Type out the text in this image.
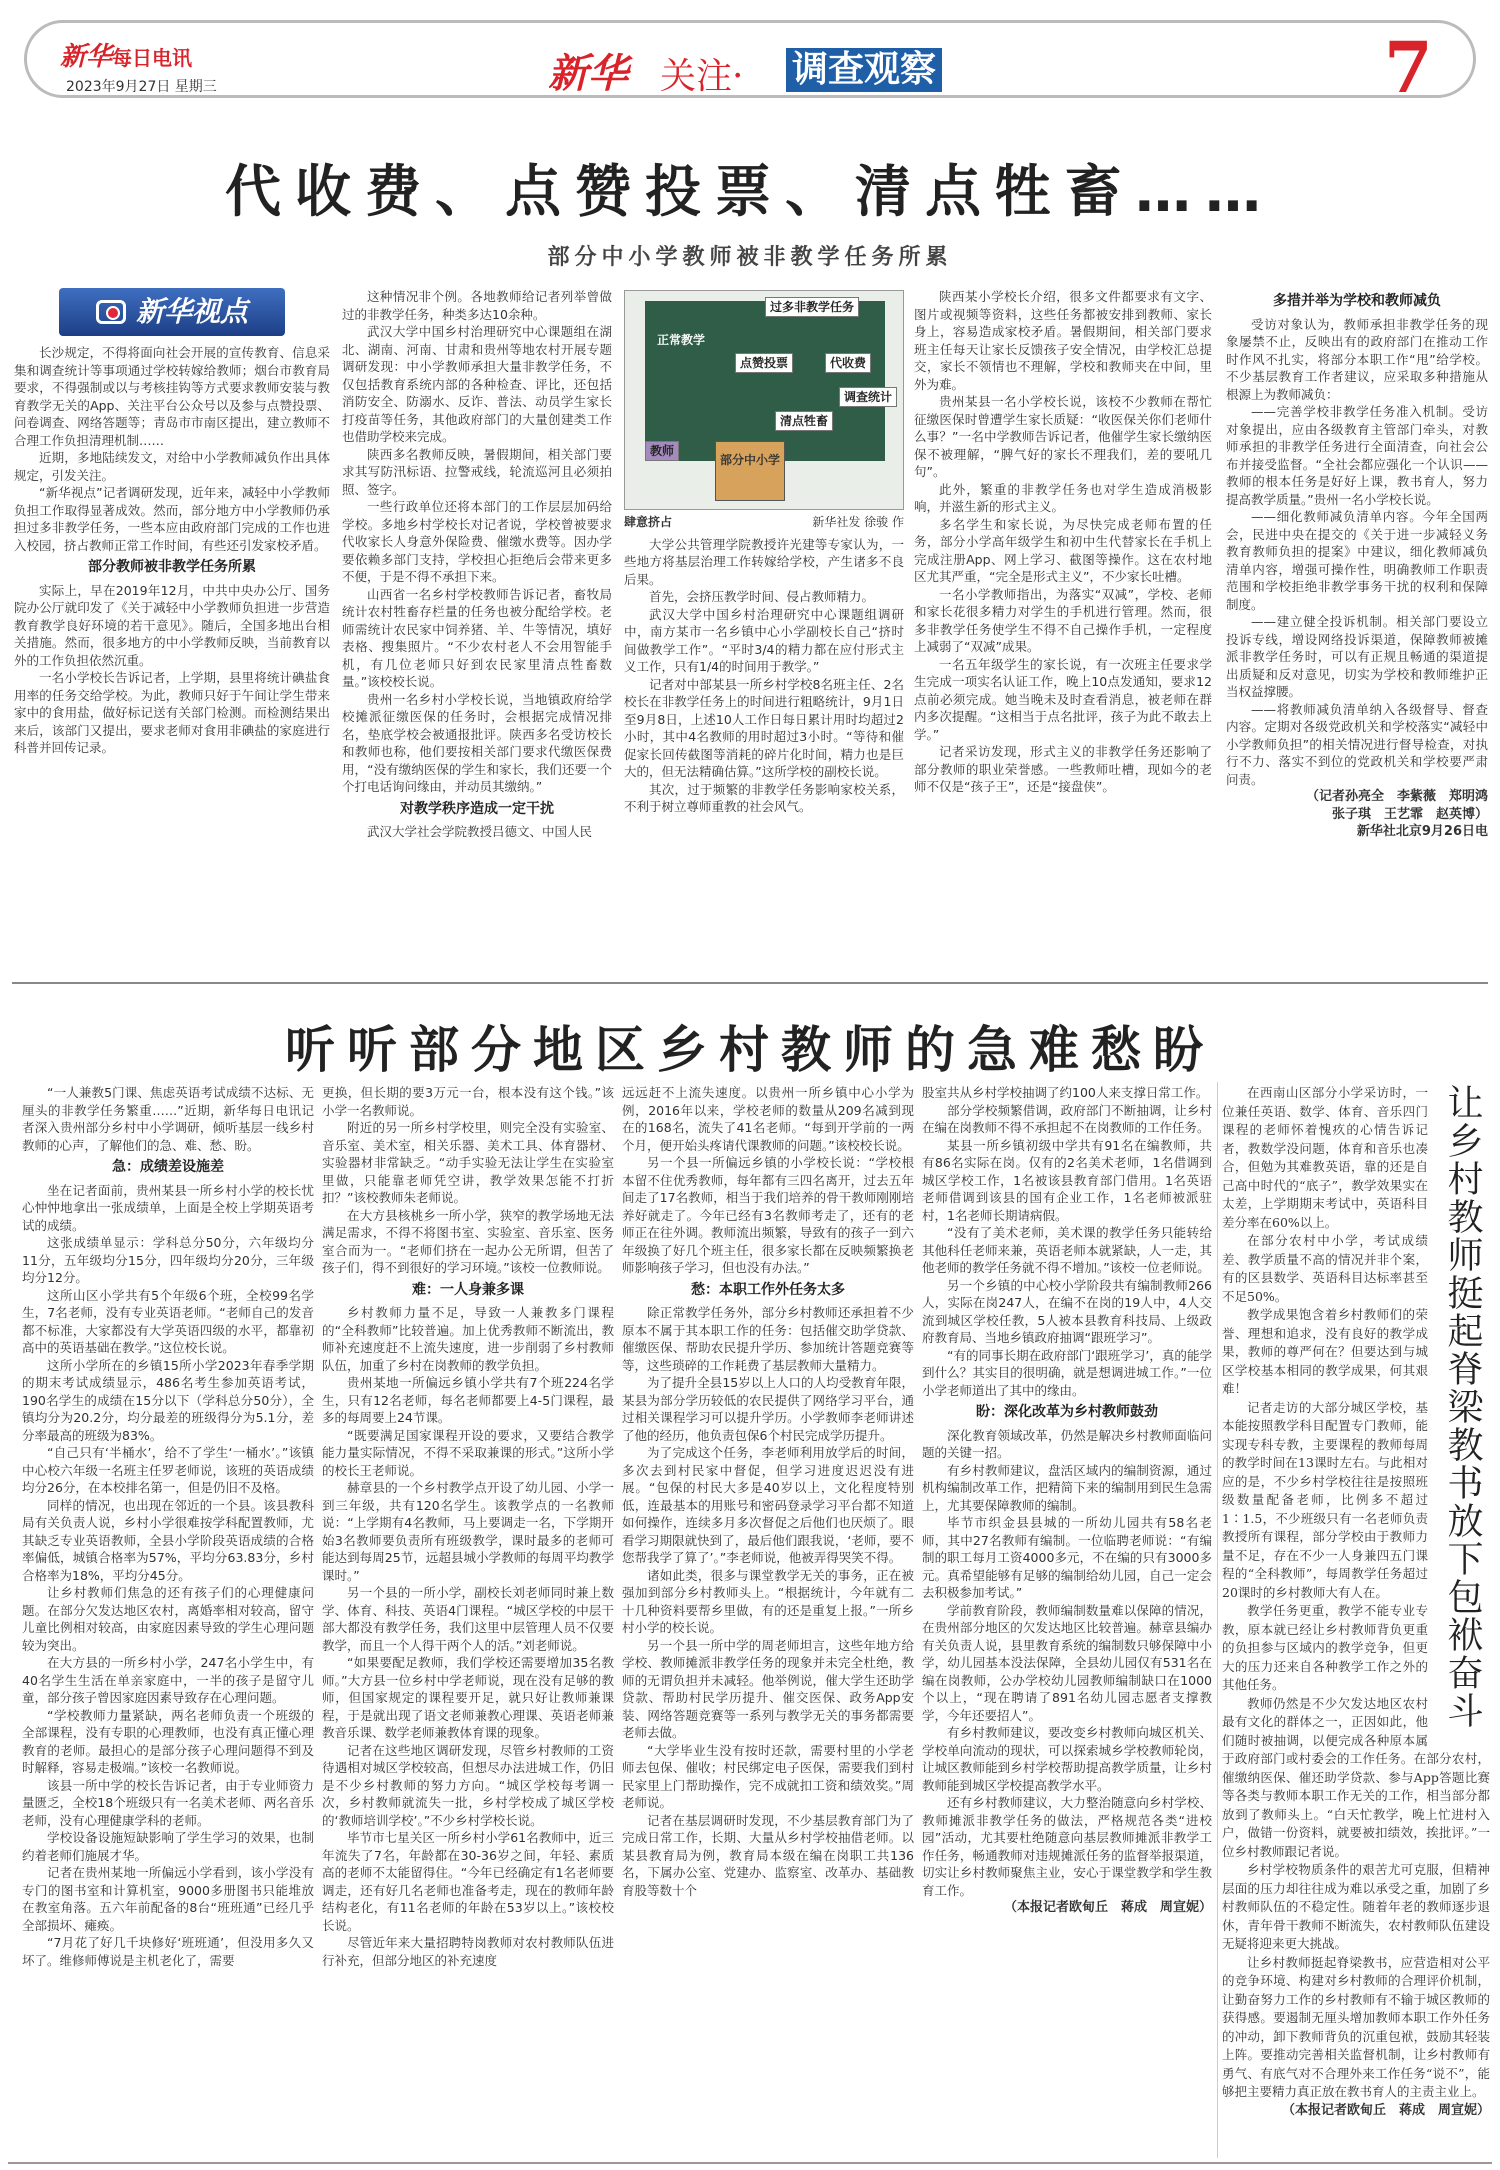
新华每日电讯
2023年9月27日 星期三	新华 关注· 调查观察	7
代收费、点赞投票、清点牲畜……
部分中小学教师被非教学任务所累
新华视点

长沙规定，不得将面向社会开展的宣传教育、信息采集和调查统计等事项通过学校转嫁给教师；烟台市教育局要求，不得强制或以与考核挂钩等方式要求教师安装与教育教学无关的App、关注平台公众号以及参与点赞投票、问卷调查、网络答题等；青岛市市南区提出，建立教师不合理工作负担清理机制……

近期，多地陆续发文，对给中小学教师减负作出具体规定，引发关注。

“新华视点”记者调研发现，近年来，减轻中小学教师负担工作取得显著成效。然而，部分地方中小学教师仍承担过多非教学任务，一些本应由政府部门完成的工作也进入校园，挤占教师正常工作时间，有些还引发家校矛盾。

部分教师被非教学任务所累

实际上，早在2019年12月，中共中央办公厅、国务院办公厅就印发了《关于减轻中小学教师负担进一步营造教育教学良好环境的若干意见》。随后，全国多地出台相关措施。然而，很多地方的中小学教师反映，当前教育以外的工作负担依然沉重。

一名小学校长告诉记者，上学期，县里将统计碘盐食用率的任务交给学校。为此，教师只好于午间让学生带来家中的食用盐，做好标记送有关部门检测。而检测结果出来后，该部门又提出，要求老师对食用非碘盐的家庭进行科普并回传记录。

这种情况非个例。各地教师给记者列举曾做过的非教学任务，种类多达10余种。

武汉大学中国乡村治理研究中心课题组在湖北、湖南、河南、甘肃和贵州等地农村开展专题调研发现：中小学教师承担大量非教学任务，不仅包括教育系统内部的各种检查、评比，还包括消防安全、防溺水、反诈、普法、动员学生家长打疫苗等任务，其他政府部门的大量创建类工作也借助学校来完成。

陕西多名教师反映，暑假期间，相关部门要求其写防汛标语、拉警戒线，轮流巡河且必须拍照、签字。

一些行政单位还将本部门的工作层层加码给学校。多地乡村学校长对记者说，学校曾被要求代收家长人身意外保险费、催缴水费等。因办学要依赖多部门支持，学校担心拒绝后会带来更多不便，于是不得不承担下来。

山西省一名乡村学校教师告诉记者，畜牧局统计农村牲畜存栏量的任务也被分配给学校。老师需统计农民家中饲养猪、羊、牛等情况，填好表格、搜集照片。“不少农村老人不会用智能手机，有几位老师只好到农民家里清点牲畜数量。”该校校长说。

贵州一名乡村小学校长说，当地镇政府给学校摊派征缴医保的任务时，会根据完成情况排名，垫底学校会被通报批评。陕西多名受访校长和教师也称，他们要按相关部门要求代缴医保费用，“没有缴纳医保的学生和家长，我们还要一个个打电话询问缘由，并动员其缴纳。”

对教学秩序造成一定干扰

武汉大学社会学院教授吕德文、中国人民

过多非教学任务
正常教学
点赞投票	代收费
清点牲畜
调查统计
教师
部分中小学
肆意挤占	新华社发 徐骏 作

大学公共管理学院教授许光建等专家认为，一些地方将基层治理工作转嫁给学校，产生诸多不良后果。

首先，会挤压教学时间、侵占教师精力。

武汉大学中国乡村治理研究中心课题组调研中，南方某市一名乡镇中心小学副校长自己“挤时间做教学工作”。“平时3/4的精力都在应付形式主义工作，只有1/4的时间用于教学。”

记者对中部某县一所乡村学校8名班主任、2名校长在非教学任务上的时间进行粗略统计，9月1日至9月8日，上述10人工作日每日累计用时均超过2小时，其中4名教师的用时超过3小时。“等待和催促家长回传截图等消耗的碎片化时间，精力也是巨大的，但无法精确估算。”这所学校的副校长说。

其次，过于频繁的非教学任务影响家校关系，不利于树立尊师重教的社会风气。

陕西某小学校长介绍，很多文件都要求有文字、图片或视频等资料，这些任务都被安排到教师、家长身上，容易造成家校矛盾。暑假期间，相关部门要求班主任每天让家长反馈孩子安全情况，由学校汇总提交，家长不领情也不理解，学校和教师夹在中间，里外为难。

贵州某县一名小学校长说，该校不少教师在帮忙征缴医保时曾遭学生家长质疑：“收医保关你们老师什么事？”一名中学教师告诉记者，他催学生家长缴纳医保不被理解，“脾气好的家长不理我们，差的要吼几句”。

此外，繁重的非教学任务也对学生造成消极影响，并滋生新的形式主义。

多名学生和家长说，为尽快完成老师布置的任务，部分小学高年级学生和初中生代替家长在手机上完成注册App、网上学习、截图等操作。这在农村地区尤其严重，“完全是形式主义”，不少家长吐槽。

一名小学教师指出，为落实“双减”，学校、老师和家长花很多精力对学生的手机进行管理。然而，很多非教学任务使学生不得不自己操作手机，一定程度上减弱了“双减”成果。

一名五年级学生的家长说，有一次班主任要求学生完成一项实名认证工作，晚上10点发通知，要求12点前必须完成。她当晚未及时查看消息，被老师在群内多次提醒。“这相当于点名批评，孩子为此不敢去上学。”

记者采访发现，形式主义的非教学任务还影响了部分教师的职业荣誉感。一些教师吐槽，现如今的老师不仅是“孩子王”，还是“接盘侠”。

多措并举为学校和教师减负

受访对象认为，教师承担非教学任务的现象屡禁不止，反映出有的政府部门在推动工作时作风不扎实，将部分本职工作“甩”给学校。不少基层教育工作者建议，应采取多种措施从根源上为教师减负：

——完善学校非教学任务准入机制。受访对象提出，应由各级教育主管部门牵头，对教师承担的非教学任务进行全面清查，向社会公布并接受监督。“全社会都应强化一个认识——教师的根本任务是好好上课，教书育人，努力提高教学质量。”贵州一名小学校长说。

——细化教师减负清单内容。今年全国两会，民进中央在提交的《关于进一步减轻义务教育教师负担的提案》中建议，细化教师减负清单内容，增强可操作性，明确教师工作职责范围和学校拒绝非教学事务干扰的权利和保障制度。

——建立健全投诉机制。相关部门要设立投诉专线，增设网络投诉渠道，保障教师被摊派非教学任务时，可以有正规且畅通的渠道提出质疑和反对意见，切实为学校和教师维护正当权益撑腰。

——将教师减负清单纳入各级督导、督查内容。定期对各级党政机关和学校落实“减轻中小学教师负担”的相关情况进行督导检查，对执行不力、落实不到位的党政机关和学校要严肃问责。

（记者孙亮全　李紫薇　郑明鸿

张子琪　王艺霏　赵英博）

新华社北京9月26日电

听听部分地区乡村教师的急难愁盼

“一人兼教5门课、焦虑英语考试成绩不达标、无厘头的非教学任务繁重……”近期，新华每日电讯记者深入贵州部分乡村中小学调研，倾听基层一线乡村教师的心声，了解他们的急、难、愁、盼。

急：成绩差设施差

坐在记者面前，贵州某县一所乡村小学的校长忧心忡忡地拿出一张成绩单，上面是全校上学期英语考试的成绩。

这张成绩单显示：学科总分50分，六年级均分11分，五年级均分15分，四年级均分20分，三年级均分12分。

这所山区小学共有5个年级6个班，全校99名学生，7名老师，没有专业英语老师。“老师自己的发音都不标准，大家都没有大学英语四级的水平，都靠初高中的英语基础在教学。”这位校长说。

这所小学所在的乡镇15所小学2023年春季学期的期末考试成绩显示，486名考生参加英语考试，190名学生的成绩在15分以下（学科总分50分），全镇均分为20.2分，均分最差的班级得分为5.1分，差分率最高的班级为83%。

“自己只有‘半桶水’，给不了学生‘一桶水’。”该镇中心校六年级一名班主任罗老师说，该班的英语成绩均分26分，在本校排名第一，但是仍旧不及格。

同样的情况，也出现在邻近的一个县。该县教科局有关负责人说，乡村小学很难按学科配置教师，尤其缺乏专业英语教师，全县小学阶段英语成绩的合格率偏低，城镇合格率为57%，平均分63.83分，乡村合格率为18%，平均分45分。

让乡村教师们焦急的还有孩子们的心理健康问题。在部分欠发达地区农村，离婚率相对较高，留守儿童比例相对较高，由家庭因素导致的学生心理问题较为突出。

在大方县的一所乡村小学，247名小学生中，有40名学生生活在单亲家庭中，一半的孩子是留守儿童，部分孩子曾因家庭因素导致存在心理问题。

“学校教师力量紧缺，两名老师负责一个班级的全部课程，没有专职的心理教师，也没有真正懂心理教育的老师。最担心的是部分孩子心理问题得不到及时解释，容易走极端。”该校一名教师说。

该县一所中学的校长告诉记者，由于专业师资力量匮乏，全校18个班级只有一名美术老师、两名音乐老师，没有心理健康学科的老师。

学校设备设施短缺影响了学生学习的效果，也制约着老师们施展才华。

记者在贵州某地一所偏远小学看到，该小学没有专门的图书室和计算机室，9000多册图书只能堆放在教室角落。五六年前配备的8台“班班通”已经几乎全部损坏、瘫痪。

“7月花了好几千块修好‘班班通’，但没用多久又坏了。维修师傅说是主机老化了，需要

更换，但长期的要3万元一台，根本没有这个钱。”该小学一名教师说。

附近的另一所乡村学校里，则完全没有实验室、音乐室、美术室，相关乐器、美术工具、体育器材、实验器材非常缺乏。“动手实验无法让学生在实验室里做，只能靠老师凭空讲，教学效果怎能不打折扣？”该校教师朱老师说。

在大方县核桃乡一所小学，狭窄的教学场地无法满足需求，不得不将图书室、实验室、音乐室、医务室合而为一。“老师们挤在一起办公无所谓，但苦了孩子们，得不到很好的学习环境。”该校一位教师说。

难：一人身兼多课

乡村教师力量不足，导致一人兼教多门课程的“全科教师”比较普遍。加上优秀教师不断流出，教师补充速度赶不上流失速度，进一步削弱了乡村教师队伍，加重了乡村在岗教师的教学负担。

贵州某地一所偏远乡镇小学共有7个班224名学生，只有12名老师，每名老师都要上4-5门课程，最多的每周要上24节课。

“既要满足国家课程开设的要求，又要结合教学能力量实际情况，不得不采取兼课的形式。”这所小学的校长王老师说。

赫章县的一个乡村教学点开设了幼儿园、小学一到三年级，共有120名学生。该教学点的一名教师说：“上学期有4名教师，马上要调走一名，下学期开始3名教师要负责所有班级教学，课时最多的老师可能达到每周25节，远超县城小学教师的每周平均教学课时。”

另一个县的一所小学，副校长刘老师同时兼上数学、体育、科技、英语4门课程。“城区学校的中层干部大都没有教学任务，我们这里中层管理人员不仅要教学，而且一个人得干两个人的活。”刘老师说。

“如果要配足教师，我们学校还需要增加35名教师。”大方县一位乡村中学老师说，现在没有足够的教师，但国家规定的课程要开足，就只好让教师兼课程，于是就出现了语文老师兼教心理课、英语老师兼教音乐课、数学老师兼教体育课的现象。

记者在这些地区调研发现，尽管乡村教师的工资待遇相对城区学校较高，但想尽办法进城工作，仍旧是不少乡村教师的努力方向。“城区学校每考调一次，乡村教师就流失一批，乡村学校成了城区学校的‘教师培训学校’。”不少乡村学校长说。

毕节市七星关区一所乡村小学61名教师中，近三年流失了7名，年龄都在30-36岁之间，年轻、素质高的老师不太能留得住。“今年已经确定有1名老师要调走，还有好几名老师也准备考走，现在的教师年龄结构老化，有11名老师的年龄在53岁以上。”该校校长说。

尽管近年来大量招聘特岗教师对农村教师队伍进行补充，但部分地区的补充速度

远远赶不上流失速度。以贵州一所乡镇中心小学为例，2016年以来，学校老师的数量从209名减到现在的168名，流失了41名老师。“每到开学前的一两个月，便开始头疼请代课教师的问题。”该校校长说。

另一个县一所偏远乡镇的小学校长说：“学校根本留不住优秀教师，每年都有三四名离开，过去五年间走了17名教师，相当于我们培养的骨干教师刚刚培养好就走了。今年已经有3名教师考走了，还有的老师正在往外调。教师流出频繁，导致有的孩子一到六年级换了好几个班主任，很多家长都在反映频繁换老师影响孩子学习，但也没有办法。”

愁：本职工作外任务太多

除正常教学任务外，部分乡村教师还承担着不少原本不属于其本职工作的任务：包括催交助学贷款、催缴医保、帮助农民提升学历、参加统计答题竞赛等等，这些琐碎的工作耗费了基层教师大量精力。

为了提升全县15岁以上人口的人均受教育年限，某县为部分学历较低的农民提供了网络学习平台，通过相关课程学习可以提升学历。小学教师李老师讲述了他的经历，他负责包保6个村民完成学历提升。

为了完成这个任务，李老师利用放学后的时间，多次去到村民家中督促，但学习进度迟迟没有进展。“包保的村民大多是40岁以上，文化程度特别低，连最基本的用账号和密码登录学习平台都不知道如何操作，连续多月多次督促之后他们也厌烦了。眼看学习期限就快到了，最后他们跟我说，‘老师，要不您帮我学了算了’。”李老师说，他被弄得哭笑不得。

诸如此类，很多与课堂教学无关的事务，正在被强加到部分乡村教师头上。“根据统计，今年就有二十几种资料要帮乡里做，有的还是重复上报。”一所乡村小学的校长说。

另一个县一所中学的周老师坦言，这些年地方给学校、教师摊派非教学任务的现象并未完全杜绝，教师的无谓负担并未减轻。他举例说，催大学生还助学贷款、帮助村民学历提升、催交医保、政务App安装、网络答题竞赛等一系列与教学无关的事务都需要老师去做。

“大学毕业生没有按时还款，需要村里的小学老师去包保、催收；村民绑定电子医保，需要我们到村民家里上门帮助操作，完不成就扣工资和绩效奖。”周老师说。

记者在基层调研时发现，不少基层教育部门为了完成日常工作，长期、大量从乡村学校抽借老师。以某县教育局为例，教育局本级在编在岗职工共136名，下属办公室、党建办、监察室、改革办、基础教育股等数十个

股室共从乡村学校抽调了约100人来支撑日常工作。

部分学校频繁借调，政府部门不断抽调，让乡村在编在岗教师不得不承担起不在岗教师的工作任务。

某县一所乡镇初级中学共有91名在编教师，共有86名实际在岗。仅有的2名美术老师，1名借调到城区学校工作，1名被该县教育部门借用。1名英语老师借调到该县的国有企业工作，1名老师被派驻村，1名老师长期请病假。

“没有了美术老师，美术课的教学任务只能转给其他科任老师来兼，英语老师本就紧缺，人一走，其他老师的教学任务就不得不增加。”该校一位老师说。

另一个乡镇的中心校小学阶段共有编制教师266人，实际在岗247人，在编不在岗的19人中，4人交流到城区学校任教，5人被本县教育科技局、上级政府教育局、当地乡镇政府抽调“跟班学习”。

“有的同事长期在政府部门‘跟班学习’，真的能学到什么？其实目的很明确，就是想调进城工作。”一位小学老师道出了其中的缘由。

盼：深化改革为乡村教师鼓劲

深化教育领域改革，仍然是解决乡村教师面临问题的关键一招。

有乡村教师建议，盘活区域内的编制资源，通过机构编制改革工作，把精简下来的编制用到民生急需上，尤其要保障教师的编制。

毕节市织金县县城的一所幼儿园共有58名老师，其中27名教师有编制。一位临聘老师说：“有编制的职工每月工资4000多元，不在编的只有3000多元。真希望能够有足够的编制给幼儿园，自己一定会去积极参加考试。”

学前教育阶段，教师编制数量难以保障的情况，在贵州部分地区的欠发达地区比较普遍。赫章县编办有关负责人说，县里教育系统的编制数只够保障中小学，幼儿园基本没法保障，全县幼儿园仅有531名在编在岗教师，公办学校幼儿园教师编制缺口在1000个以上，“现在聘请了891名幼儿园志愿者支撑教学，今年还要招人”。

有乡村教师建议，要改变乡村教师向城区机关、学校单向流动的现状，可以探索城乡学校教师轮岗，让城区教师能到乡村学校帮助提高教学质量，让乡村教师能到城区学校提高教学水平。

还有乡村教师建议，大力整治随意向乡村学校、教师摊派非教学任务的做法，严格规范各类“进校园”活动，尤其要杜绝随意向基层教师摊派非教学工作任务，畅通教师对违规摊派任务的监督举报渠道，切实让乡村教师聚焦主业，安心于课堂教学和学生教育工作。

（本报记者欧甸丘　蒋成　周宣妮）

让乡村教师挺起脊梁教书放下包袱奋斗

在西南山区部分小学采访时，一位兼任英语、数学、体育、音乐四门课程的老师怀着愧疚的心情告诉记者，教数学没问题，体育和音乐也凑合，但勉为其难教英语，靠的还是自己高中时代的“底子”，教学效果实在太差，上学期期末考试中，英语科目差分率在60%以上。

在部分农村中小学，考试成绩差、教学质量不高的情况并非个案，有的区县数学、英语科目达标率甚至不足50%。

教学成果饱含着乡村教师们的荣誉、理想和追求，没有良好的教学成果，教师的尊严何在？但要达到与城区学校基本相同的教学成果，何其艰难！

记者走访的大部分城区学校，基本能按照教学科目配置专门教师，能实现专科专教，主要课程的教师每周的教学时间在13课时左右。与此相对应的是，不少乡村学校往往是按照班级数量配备老师，比例多不超过1∶1.5，不少班级只有一名老师负责教授所有课程，部分学校由于教师力量不足，存在不少一人身兼四五门课程的“全科教师”，每周教学任务超过20课时的乡村教师大有人在。

教学任务更重，教学不能专业专教，原本就已经让乡村教师背负更重的负担参与区域内的教学竞争，但更大的压力还来自各种教学工作之外的其他任务。

教师仍然是不少欠发达地区农村最有文化的群体之一，正因如此，他们随时被抽调，以便完成各种原本属于政府部门或村委会的工作任务。在部分农村，催缴纳医保、催还助学贷款、参与App答题比赛等各类与教师本职工作无关的工作，相当部分都放到了教师头上。“白天忙教学，晚上忙进村入户，做错一份资料，就要被扣绩效，挨批评。”一位乡村教师跟记者说。

乡村学校物质条件的艰苦尤可克服，但精神层面的压力却往往成为难以承受之重，加剧了乡村教师队伍的不稳定性。随着年老的教师逐步退休，青年骨干教师不断流失，农村教师队伍建设无疑将迎来更大挑战。

让乡村教师挺起脊梁教书，应营造相对公平的竞争环境、构建对乡村教师的合理评价机制，让勤奋努力工作的乡村教师有不输于城区教师的获得感。要遏制无厘头增加教师本职工作外任务的冲动，卸下教师背负的沉重包袱，鼓励其轻装上阵。要推动完善相关监督机制，让乡村教师有勇气、有底气对不合理外来工作任务“说不”，能够把主要精力真正放在教书育人的主责主业上。

（本报记者欧甸丘　蒋成　周宣妮）
